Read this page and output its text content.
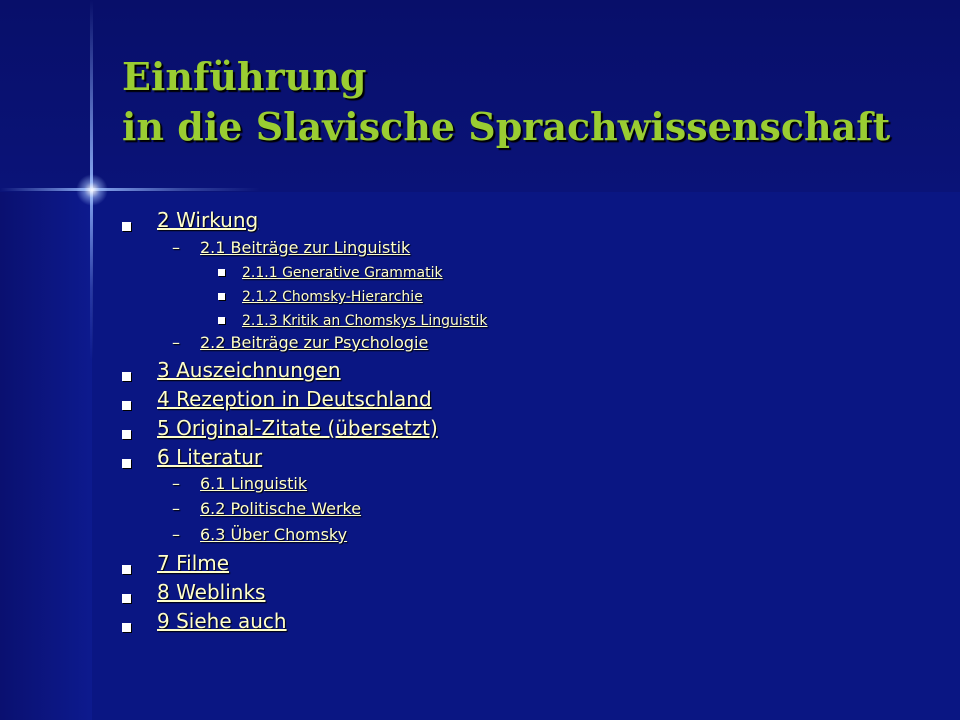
Einführung
in die Slavische Sprachwissenschaft
2 Wirkung
– 2.1 Beiträge zur Linguistik
2.1.1 Generative Grammatik
2.1.2 Chomsky-Hierarchie
2.1.3 Kritik an Chomskys Linguistik
– 2.2 Beiträge zur Psychologie
3 Auszeichnungen
4 Rezeption in Deutschland
5 Original-Zitate (übersetzt)
6 Literatur
– 6.1 Linguistik
– 6.2 Politische Werke
– 6.3 Über Chomsky
7 Filme
8 Weblinks
9 Siehe auch
